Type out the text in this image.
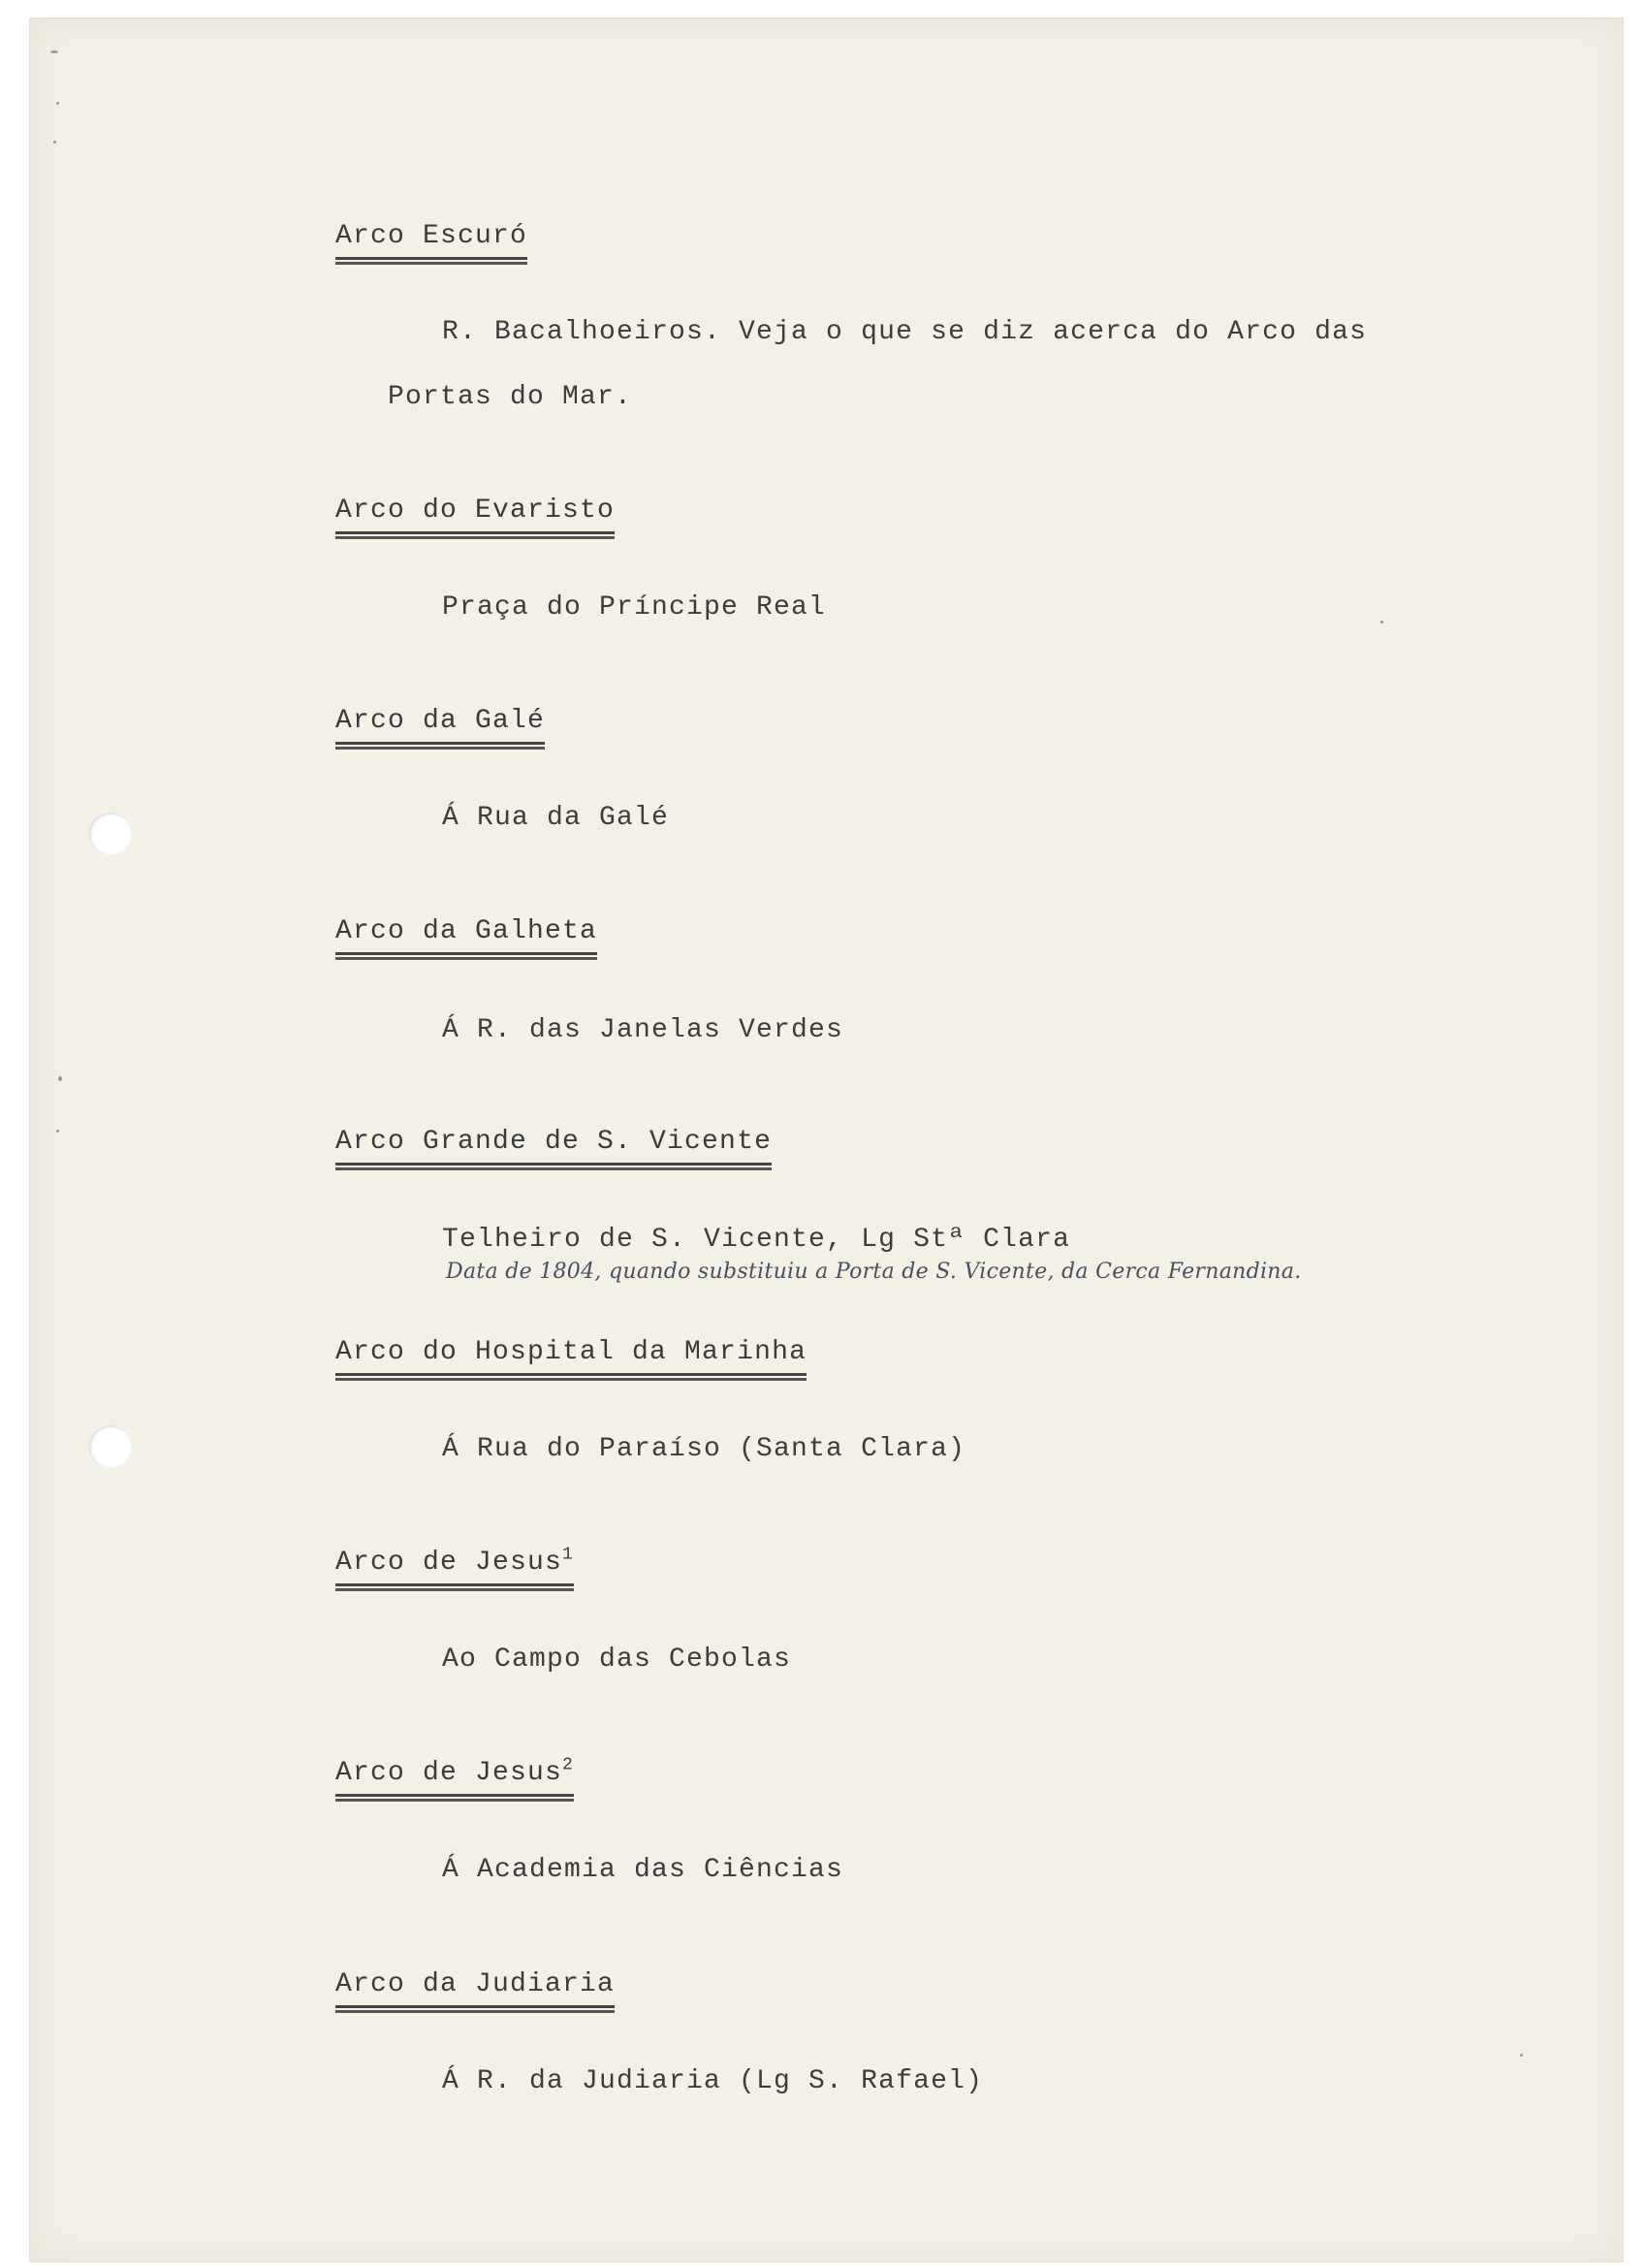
Arco Escuró
R. Bacalhoeiros. Veja o que se diz acerca do Arco das
Portas do Mar.
Arco do Evaristo
Praça do Príncipe Real
Arco da Galé
Á Rua da Galé
Arco da Galheta
Á R. das Janelas Verdes
Arco Grande de S. Vicente
Telheiro de S. Vicente, Lg Stª Clara
Data de 1804, quando substituiu a Porta de S. Vicente, da Cerca Fernandina.
Arco do Hospital da Marinha
Á Rua do Paraíso (Santa Clara)
Arco de Jesus$^1$
Ao Campo das Cebolas
Arco de Jesus$^2$
Á Academia das Ciências
Arco da Judiaria
Á R. da Judiaria (Lg S. Rafael)
